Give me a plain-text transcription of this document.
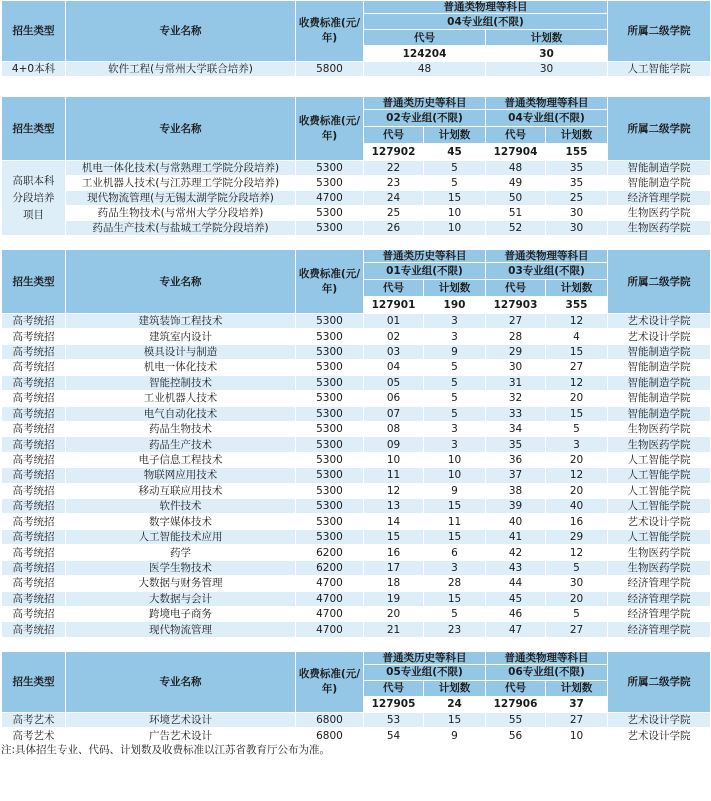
招生类型	专业名称	收费标准(元/年)	普通类物理等科目		所属二级学院
			04专业组(不限)		
			代号	计划数	
			124204	30	
4+0本科	软件工程(与常州大学联合培养)	5800	48	30	人工智能学院
招生类型	专业名称	收费标准(元/年)	普通类历史等科目		普通类物理等科目		所属二级学院
			02专业组(不限)		04专业组(不限)		
			代号	计划数	代号	计划数	
			127902	45	127904	155	
高职本科分段培养项目	机电一体化技术(与常熟理工学院分段培养)	5300	22	5	48	35	智能制造学院
	工业机器人技术(与江苏理工学院分段培养)	5300	23	5	49	35	智能制造学院
	现代物流管理(与无锡太湖学院分段培养)	4700	24	15	50	25	经济管理学院
	药品生物技术(与常州大学分段培养)	5300	25	10	51	30	生物医药学院
	药品生产技术(与盐城工学院分段培养)	5300	26	10	52	30	生物医药学院
招生类型	专业名称	收费标准(元/年)	普通类历史等科目		普通类物理等科目		所属二级学院
			01专业组(不限)		03专业组(不限)		
			代号	计划数	代号	计划数	
			127901	190	127903	355	
高考统招	建筑装饰工程技术	5300	01	3	27	12	艺术设计学院
高考统招	建筑室内设计	5300	02	3	28	4	艺术设计学院
高考统招	模具设计与制造	5300	03	9	29	15	智能制造学院
高考统招	机电一体化技术	5300	04	5	30	27	智能制造学院
高考统招	智能控制技术	5300	05	5	31	12	智能制造学院
高考统招	工业机器人技术	5300	06	5	32	20	智能制造学院
高考统招	电气自动化技术	5300	07	5	33	15	智能制造学院
高考统招	药品生物技术	5300	08	3	34	5	生物医药学院
高考统招	药品生产技术	5300	09	3	35	3	生物医药学院
高考统招	电子信息工程技术	5300	10	10	36	20	人工智能学院
高考统招	物联网应用技术	5300	11	10	37	12	人工智能学院
高考统招	移动互联应用技术	5300	12	9	38	20	人工智能学院
高考统招	软件技术	5300	13	15	39	40	人工智能学院
高考统招	数字媒体技术	5300	14	11	40	16	艺术设计学院
高考统招	人工智能技术应用	5300	15	15	41	29	人工智能学院
高考统招	药学	6200	16	6	42	12	生物医药学院
高考统招	医学生物技术	6200	17	3	43	5	生物医药学院
高考统招	大数据与财务管理	4700	18	28	44	30	经济管理学院
高考统招	大数据与会计	4700	19	15	45	20	经济管理学院
高考统招	跨境电子商务	4700	20	5	46	5	经济管理学院
高考统招	现代物流管理	4700	21	23	47	27	经济管理学院
招生类型	专业名称	收费标准(元/年)	普通类历史等科目		普通类物理等科目		所属二级学院
			05专业组(不限)		06专业组(不限)		
			代号	计划数	代号	计划数	
			127905	24	127906	37	
高考艺术	环境艺术设计	6800	53	15	55	27	艺术设计学院
高考艺术	广告艺术设计	6800	54	9	56	10	艺术设计学院
注:具体招生专业、代码、计划数及收费标准以江苏省教育厅公布为准。
